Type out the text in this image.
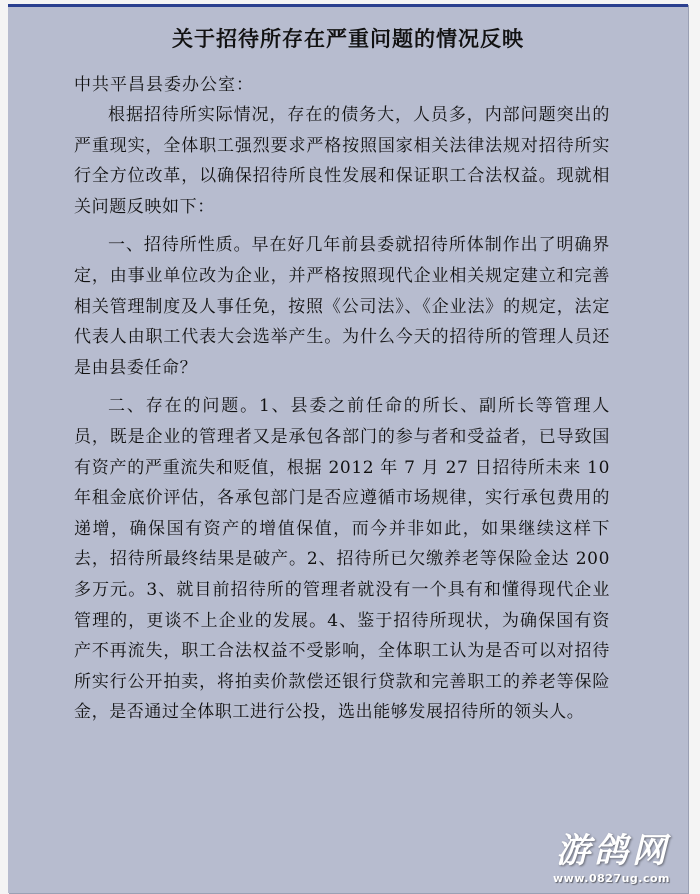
关于招待所存在严重问题的情况反映

中共平昌县委办公室：

根据招待所实际情况，存在的债务大，人员多，内部问题突出的严重现实，全体职工强烈要求严格按照国家相关法律法规对招待所实行全方位改革，以确保招待所良性发展和保证职工合法权益。现就相关问题反映如下：

一、招待所性质。早在好几年前县委就招待所体制作出了明确界定，由事业单位改为企业，并严格按照现代企业相关规定建立和完善相关管理制度及人事任免，按照《公司法》、《企业法》的规定，法定代表人由职工代表大会选举产生。为什么今天的招待所的管理人员还是由县委任命？

二、存在的问题。1、县委之前任命的所长、副所长等管理人员，既是企业的管理者又是承包各部门的参与者和受益者，已导致国有资产的严重流失和贬值，根据 2012 年 7 月 27 日招待所未来 10 年租金底价评估，各承包部门是否应遵循市场规律，实行承包费用的递增，确保国有资产的增值保值，而今并非如此，如果继续这样下去，招待所最终结果是破产。2、招待所已欠缴养老等保险金达 200 多万元。3、就目前招待所的管理者就没有一个具有和懂得现代企业管理的，更谈不上企业的发展。4、鉴于招待所现状，为确保国有资产不再流失，职工合法权益不受影响，全体职工认为是否可以对招待所实行公开拍卖，将拍卖价款偿还银行贷款和完善职工的养老等保险金，是否通过全体职工进行公投，选出能够发展招待所的领头人。

游鸽网
www.0827ug.com
